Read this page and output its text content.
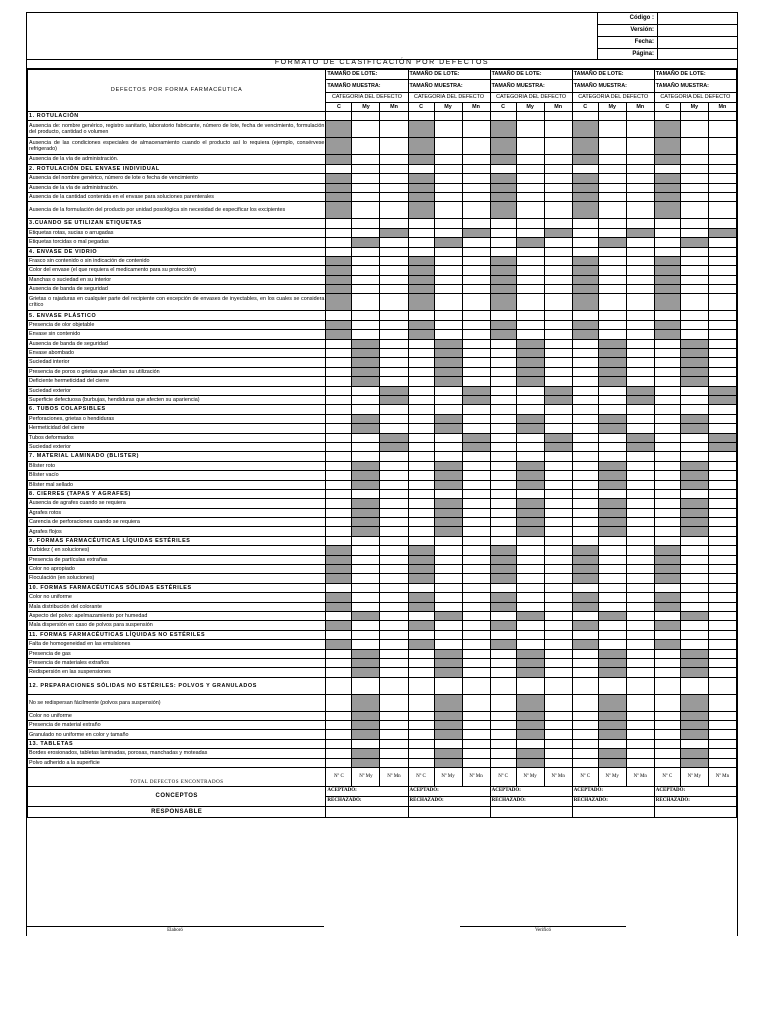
Código :
Versión:
Fecha:
Página:
FORMATO DE CLASIFICACIÓN POR DEFECTOS
DEFECTOS POR FORMA FARMACÉUTICA	TAMAÑO DE LOTE:			TAMAÑO DE LOTE:			TAMAÑO DE LOTE:			TAMAÑO DE LOTE:			TAMAÑO DE LOTE:		
	TAMAÑO MUESTRA:			TAMAÑO MUESTRA:			TAMAÑO MUESTRA:			TAMAÑO MUESTRA:			TAMAÑO MUESTRA:		
	CATEGORIA DEL DEFECTO			CATEGORIA DEL DEFECTO			CATEGORIA DEL DEFECTO			CATEGORIA DEL DEFECTO			CATEGORIA DEL DEFECTO		
	C	My	Mn	C	My	Mn	C	My	Mn	C	My	Mn	C	My	Mn
1. ROTULACIÓN															
Ausencia de: nombre genérico, registro sanitario, laboratorio fabricante, número de lote, fecha de vencimiento, formulación del producto, cantidad o volumen															
Ausencia de las condiciones especiales de almacenamiento cuando el producto así lo requiera (ejemplo, consérvese refrigerado)															
Ausencia de la vía de administración.															
2. ROTULACIÓN DEL ENVASE INDIVIDUAL															
Ausencia del nombre genérico, número de lote o fecha de vencimiento															
Ausencia de la vía de administración.															
Ausencia de la cantidad contenida en el envase para soluciones parenterales															
Ausencia de la formulación del producto por unidad posológica sin necesidad de especificar los excipientes															
3.CUANDO SE UTILIZAN ETIQUETAS															
Etiquetas rotas, sucias o arrugadas															
Etiquetas torcidas o mal pegadas															
4. ENVASE DE VIDRIO															
Frasco sin contenido o sin indicación de contenido															
Color del envase (el que requiera el medicamento para su protección)															
Manchas o suciedad en su interior															
Ausencia de banda de seguridad															
Grietas o rajaduras en cualquier parte del recipiente con excepción de envases de inyectables, en los cuales se considera crítico															
5. ENVASE PLÁSTICO															
Presencia de olor objetable															
Envase sin contenido															
Ausencia de banda de seguridad															
Envase abombado															
Suciedad interior															
Presencia de poros o grietas que afectan su utilización															
Deficiente hermeticidad del cierre															
Suciedad exterior															
Superficie defectuosa (burbujas, hendiduras que afecten su apariencia)															
6. TUBOS COLAPSIBLES															
Perforaciones, grietas o hendiduras															
Hermeticidad del cierre															
Tubos deformados															
Suciedad exterior															
7. MATERIAL LAMINADO (BLISTER)															
Blíster roto															
Blíster vacío															
Blíster mal sellado															
8. CIERRES (TAPAS Y AGRAFES)															
Ausencia de agrafes cuando se requiera															
Agrafes rotos															
Carencia de perforaciones cuando se requiera															
Agrafes flojos															
9. FORMAS FARMACÉUTICAS LÍQUIDAS ESTÉRILES															
Turbidez ( en soluciones)															
Presencia de partículas extrañas															
Color no apropiado															
Floculación (en soluciones)															
10. FORMAS FARMACÉUTICAS SÓLIDAS ESTÉRILES															
Color no uniforme															
Mala distribución del colorante															
Aspecto del polvo: apelmazamiento por humedad															
Mala dispersión en caso de polvos para suspensión															
11. FORMAS FARMACÉUTICAS LÍQUIDAS NO ESTÉRILES															
Falta de homogeneidad en las emulsiones															
Presencia de gas															
Presencia de materiales extraños															
Redispersión en las suspensiones															
12. PREPARACIONES SÓLIDAS NO ESTÉRILES: POLVOS Y GRANULADOS															
No se redispersan fácilmente (polvos para suspensión)															
Color no uniforme															
Presencia de material extraño															
Granulado no uniforme en color y tamaño															
13. TABLETAS															
Bordes erosionados, tabletas laminadas, porosas, manchadas y moteadas															
Polvo adherido a la superficie															
TOTAL DEFECTOS ENCONTRADOS	Nº C	Nº My	Nº Mn	Nº C	Nº My	Nº Mn	Nº C	Nº My	Nº Mn	Nº C	Nº My	Nº Mn	Nº C	Nº My	Nº Mn
CONCEPTOS	ACEPTADO:			ACEPTADO:			ACEPTADO:			ACEPTADO:			ACEPTADO:		
	RECHAZADO:			RECHAZADO:			RECHAZADO:			RECHAZADO:			RECHAZADO:		
RESPONSABLE															
Elaboró	Verificó
